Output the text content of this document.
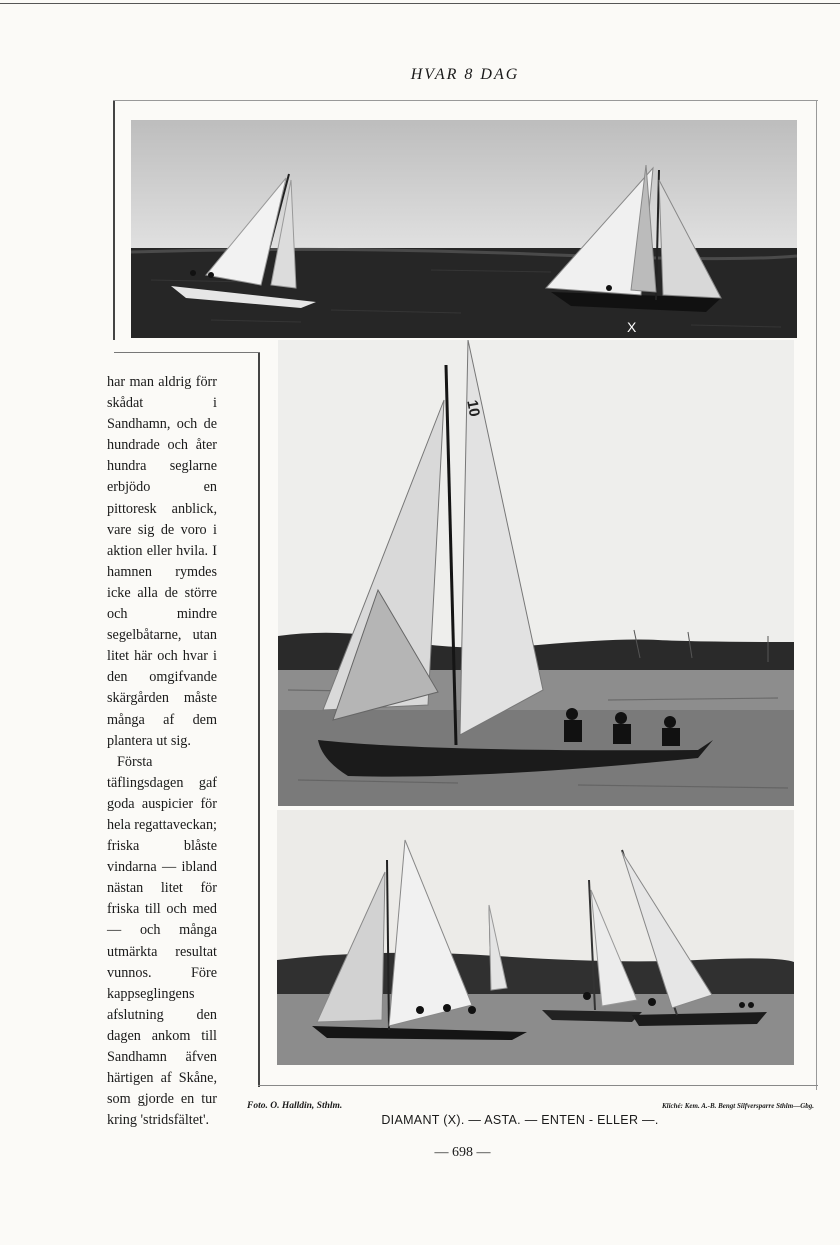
HVAR 8 DAG
X
10

har man aldrig förr skådat i Sandhamn, och de hundrade och åter hundra seglarne erbjödo en pittoresk anblick, vare sig de voro i aktion eller hvila. I hamnen rymdes icke alla de större och mindre segelbåtarne, utan litet här och hvar i den omgifvande skärgården måste många af dem plantera ut sig.

Första täflingsdagen gaf goda auspicier för hela regattaveckan; friska blåste vindarna — ibland nästan litet för friska till och med — och många utmärkta resultat vunnos. Före kappseglingens afslutning den dagen ankom till Sandhamn äfven härtigen af Skåne, som gjorde en tur kring 'stridsfältet'.

Foto. O. Halldin, Sthlm.	Kliché: Kem. A.-B. Bengt Silfversparre Sthlm—Gbg.
DIAMANT (X). — ASTA. — ENTEN - ELLER —.
— 698 —
